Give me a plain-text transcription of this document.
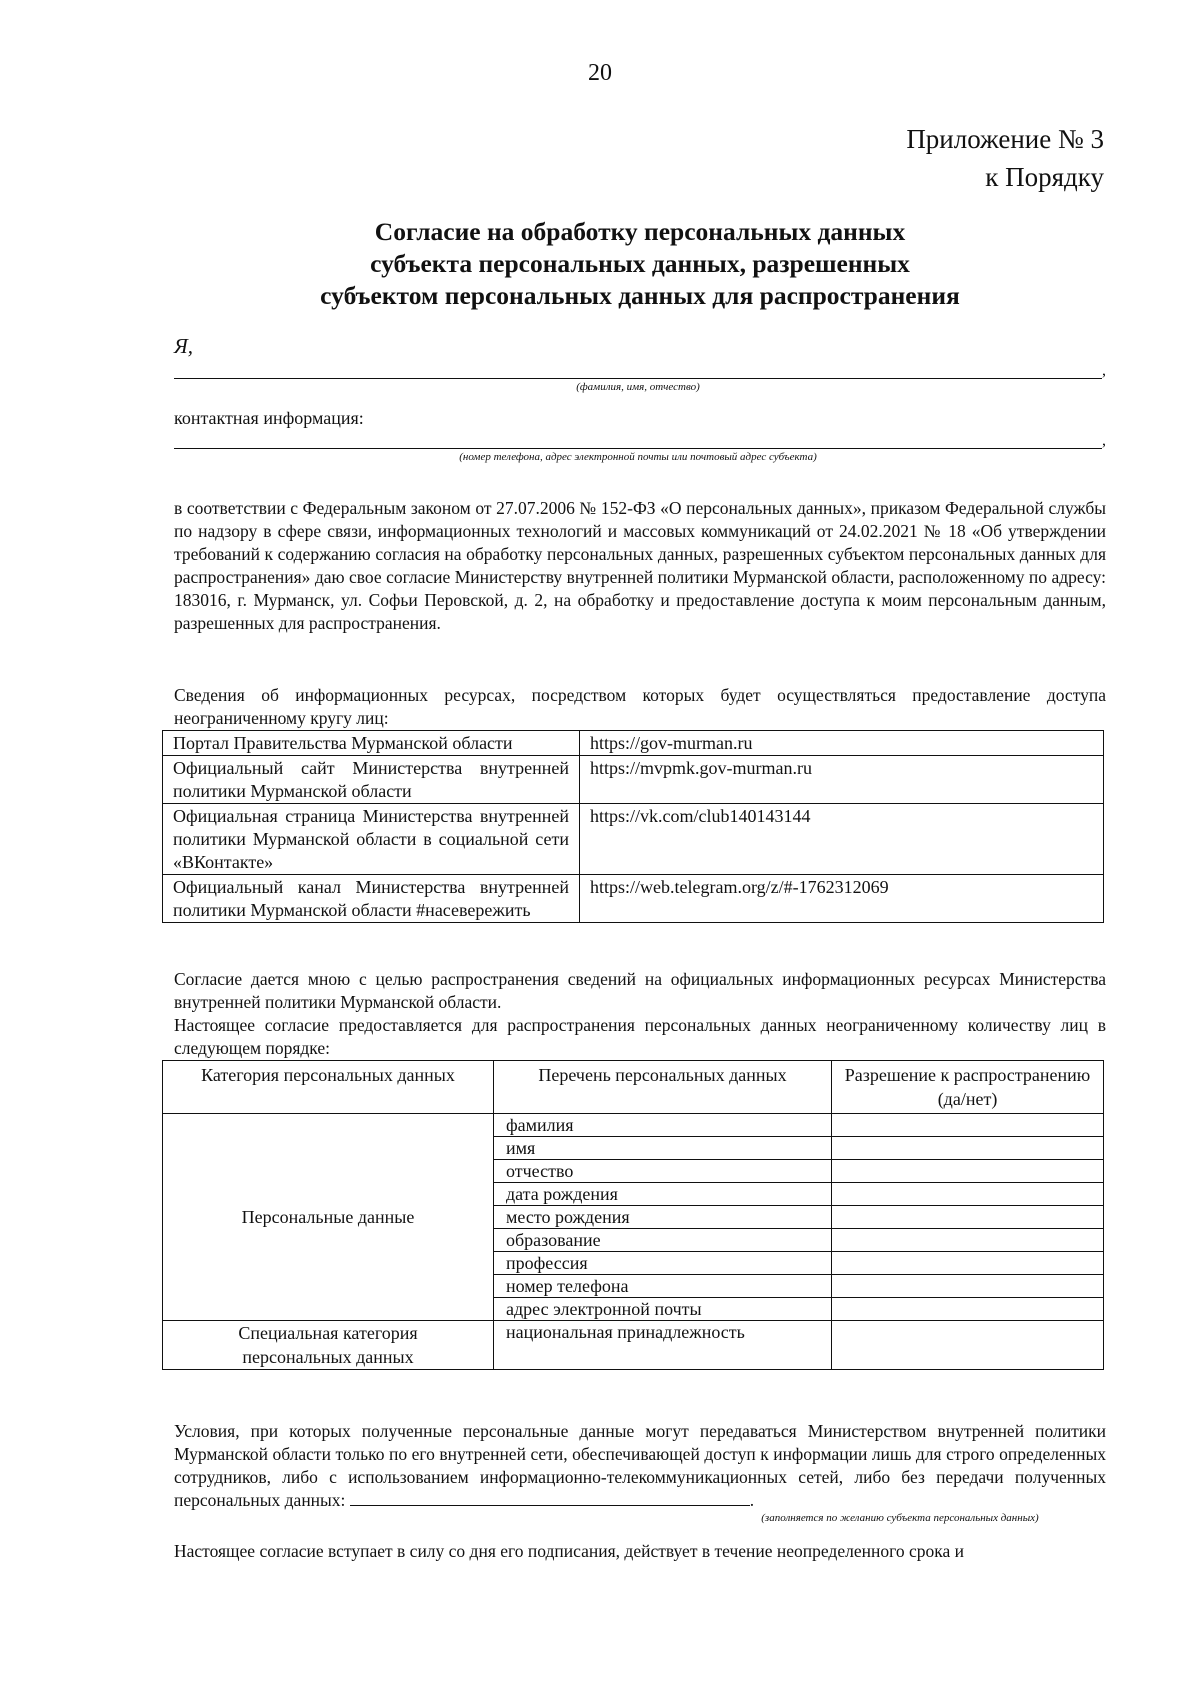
20
Приложение № 3
к Порядку
Согласие на обработку персональных данных
субъекта персональных данных, разрешенных
субъектом персональных данных для распространения
Я,
,
(фамилия, имя, отчество)
контактная информация:
,
(номер телефона, адрес электронной почты или почтовый адрес субъекта)
в соответствии с Федеральным законом от 27.07.2006 № 152-ФЗ «О персональных данных», приказом Федеральной службы по надзору в сфере связи, информационных технологий и массовых коммуникаций от 24.02.2021 № 18 «Об утверждении требований к содержанию согласия на обработку персональных данных, разрешенных субъектом персональных данных для распространения» даю свое согласие Министерству внутренней политики Мурманской области, расположенному по адресу: 183016, г. Мурманск, ул. Софьи Перовской, д. 2, на обработку и предоставление доступа к моим персональным данным, разрешенных для распространения.
Сведения об информационных ресурсах, посредством которых будет осуществляться предоставление доступа неограниченному кругу лиц:
Портал Правительства Мурманской области	https://gov-murman.ru
Официальный сайт Министерства внутренней политики Мурманской области	https://mvpmk.gov-murman.ru
Официальная страница Министерства внутренней политики Мурманской области в социальной сети «ВКонтакте»	https://vk.com/club140143144
Официальный канал Министерства внутренней политики Мурманской области #насевережить	https://web.telegram.org/z/#-1762312069
Согласие дается мною с целью распространения сведений на официальных информационных ресурсах Министерства внутренней политики Мурманской области.
Настоящее согласие предоставляется для распространения персональных данных неограниченному количеству лиц в следующем порядке:
Категория персональных данных	Перечень персональных данных	Разрешение к распространению (да/нет)
Персональные данные	фамилия	
	имя	
	отчество	
	дата рождения	
	место рождения	
	образование	
	профессия	
	номер телефона	
	адрес электронной почты	
Специальная категория персональных данных	национальная принадлежность	
Условия, при которых полученные персональные данные могут передаваться Министерством внутренней политики Мурманской области только по его внутренней сети, обеспечивающей доступ к информации лишь для строго определенных сотрудников, либо с использованием информационно-телекоммуникационных сетей, либо без передачи полученных персональных данных:	.
(заполняется по желанию субъекта персональных данных)
Настоящее согласие вступает в силу со дня его подписания, действует в течение неопределенного срока и
